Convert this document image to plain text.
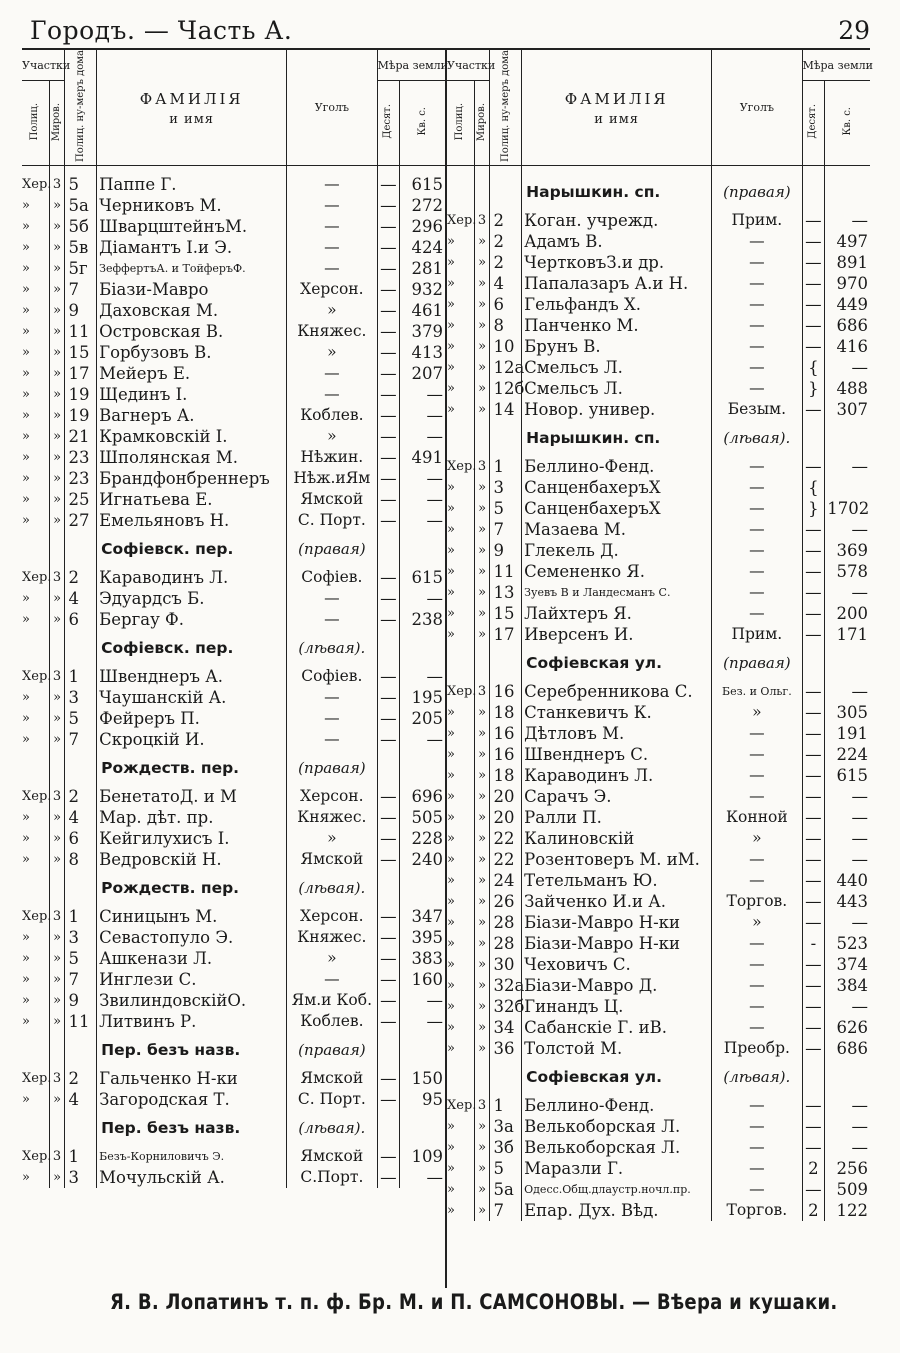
Городъ. — Часть А.	29
Участки		Полиц. ну-меръ дома	ФАМИЛІЯ
и имя	Уголъ	Мѣра земли	
Полиц.	Миров.				Десят.	Кв. с.
Хер.	3	5	Паппе Г.	—	—	615
»	»	5а	Черниковъ М.	—	—	272
»	»	5б	ШварцштейнъМ.	—	—	296
»	»	5в	Діамантъ І.и Э.	—	—	424
»	»	5г	ЗеффертъА. и ТойферъФ.	—	—	281
»	»	7	Бiази-Мавро	Херсон.	—	932
»	»	9	Даховская М.	»	—	461
»	»	11	Островская В.	Княжес.	—	379
»	»	15	Горбузовъ В.	»	—	413
»	»	17	Мейеръ Е.	—	—	207
»	»	19	Щединъ І.	—	—	—
»	»	19	Вагнеръ А.	Коблев.	—	—
»	»	21	Крамковскій І.	»	—	—
»	»	23	Шполянская М.	Нѣжин.	—	491
»	»	23	Брандфонбреннеръ	Нѣж.иЯм	—	—
»	»	25	Игнатьева Е.	Ямской	—	—
»	»	27	Емельяновъ Н.	С. Порт.	—	—
			Софіевск. пер.	(правая)		
Хер.	3	2	Караводинъ Л.	Софіев.	—	615
»	»	4	Эдуардсъ Б.	—	—	—
»	»	6	Бергау Ф.	—	—	238
			Софіевск. пер.	(лѣвая).		
Хер.	3	1	Швенднеръ А.	Софіев.	—	—
»	»	3	Чаушанскій А.	—	—	195
»	»	5	Фейреръ П.	—	—	205
»	»	7	Скроцкій И.	—	—	—
			Рождеств. пер.	(правая)		
Хер.	3	2	БенетатоД. и М	Херсон.	—	696
»	»	4	Мар. дѣт. пр.	Княжес.	—	505
»	»	6	Кейгилухисъ І.	»	—	228
»	»	8	Ведровскій Н.	Ямской	—	240
			Рождеств. пер.	(лѣвая).		
Хер.	3	1	Синицынъ М.	Херсон.	—	347
»	»	3	Севастопуло Э.	Княжес.	—	395
»	»	5	Ашкенази Л.	»	—	383
»	»	7	Инглези С.	—	—	160
»	»	9	ЗвилиндовскійО.	Ям.и Коб.	—	—
»	»	11	Литвинъ Р.	Коблев.	—	—
			Пер. безъ назв.	(правая)		
Хер.	3	2	Гальченко Н-ки	Ямской	—	150
»	»	4	Загородская Т.	С. Порт.	—	95
			Пер. безъ назв.	(лѣвая).		
Хер.	3	1	Безъ-Корниловичъ Э.	Ямской	—	109
»	»	3	Мочульскій А.	С.Порт.	—	—
Участки		Полиц. ну-меръ дома	ФАМИЛІЯ
и имя	Уголъ	Мѣра земли	
Полиц.	Миров.				Десят.	Кв. с.
			Нарышкин. сп.	(правая)		
Хер.	3	2	Коган. учрежд.	Прим.	—	—
»	»	2	Адамъ В.	—	—	497
»	»	2	ЧертковъЗ.и др.	—	—	891
»	»	4	Папалазаръ А.и Н.	—	—	970
»	»	6	Гельфандъ Х.	—	—	449
»	»	8	Панченко М.	—	—	686
»	»	10	Брунъ В.	—	—	416
»	»	12а	Смельсъ Л.	—	{	—
»	»	12б	Смельсъ Л.	—	}	488
»	»	14	Новор. универ.	Безым.	—	307
			Нарышкин. сп.	(лѣвая).		
Хер.	3	1	Беллино-Фенд.	—	—	—
»	»	3	СанценбахеръХ	—	{	
»	»	5	СанценбахеръХ	—	}	1702
»	»	7	Мазаева М.	—	—	—
»	»	9	Глекель Д.	—	—	369
»	»	11	Семененко Я.	—	—	578
»	»	13	Зуевъ В и Ландесманъ С.	—	—	—
»	»	15	Лайхтеръ Я.	—	—	200
»	»	17	Иверсенъ И.	Прим.	—	171
			Софіевская ул.	(правая)		
Хер.	3	16	Серебренникова С.	Без. и Ольг.	—	—
»	»	18	Станкевичъ К.	»	—	305
»	»	16	Дѣтловъ М.	—	—	191
»	»	16	Швенднеръ С.	—	—	224
»	»	18	Караводинъ Л.	—	—	615
»	»	20	Сарачъ Э.	—	—	—
»	»	20	Ралли П.	Конной	—	—
»	»	22	Калиновскій	»	—	—
»	»	22	Розентоверъ М. иМ.	—	—	—
»	»	24	Тетельманъ Ю.	—	—	440
»	»	26	Зайченко И.и А.	Торгов.	—	443
»	»	28	Бiази-Мавро Н-ки	»	—	—
»	»	28	Бiази-Мавро Н-ки	—	-	523
»	»	30	Чеховичъ С.	—	—	374
»	»	32а	Бiази-Мавро Д.	—	—	384
»	»	32б	Гинандъ Ц.	—	—	—
»	»	34	Сабанскіе Г. иВ.	—	—	626
»	»	36	Толстой М.	Преобр.	—	686
			Софіевская ул.	(лѣвая).		
Хер.	3	1	Беллино-Фенд.	—	—	—
»	»	3а	Велькоборская Л.	—	—	—
»	»	3б	Велькоборская Л.	—	—	—
»	»	5	Маразли Г.	—	2	256
»	»	5а	Одесс.Общ.длаустр.ночл.пр.	—	—	509
»	»	7	Епар. Дух. Вѣд.	Торгов.	2	122
Я. В. Лопатинъ т. п. ф. Бр. М. и П. САМСОНОВЫ. — Вѣера и кушаки.
